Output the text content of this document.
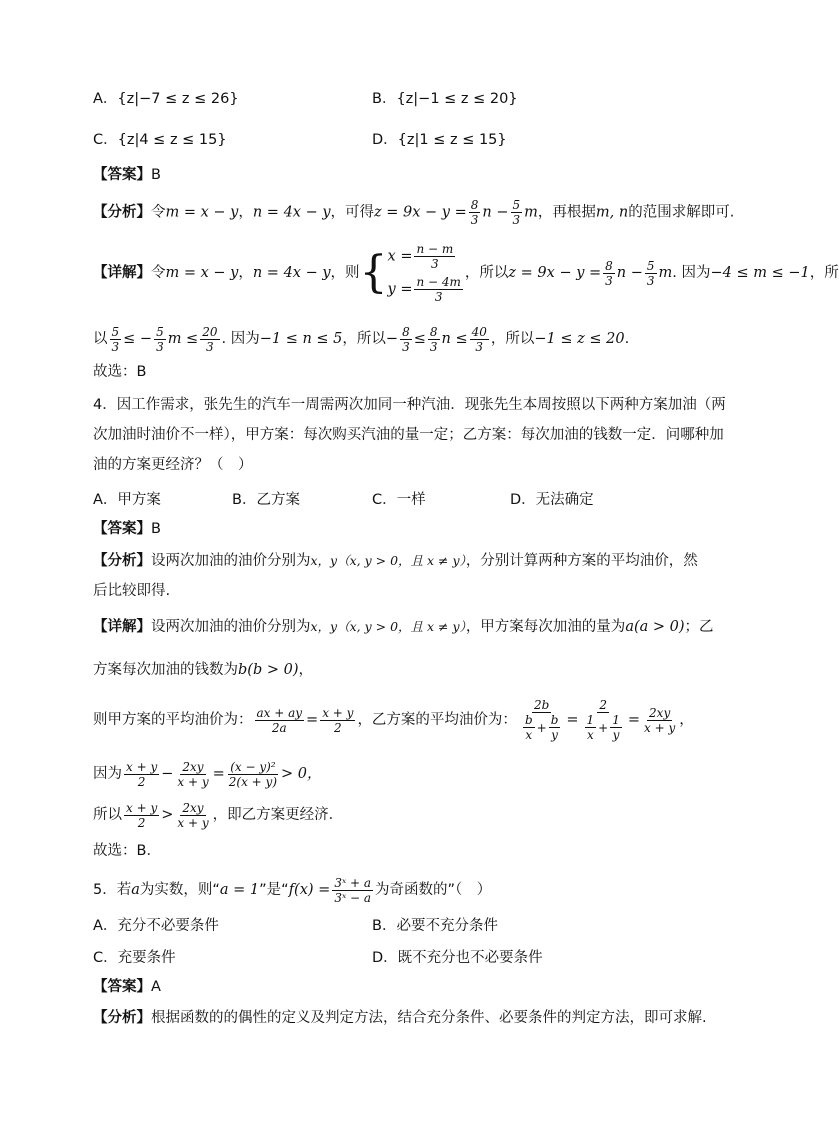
A．{z|−7 ≤ z ≤ 26}	B．{z|−1 ≤ z ≤ 20}
C．{z|4 ≤ z ≤ 15}	D．{z|1 ≤ z ≤ 15}
【答案】B
【分析】令m = x − y，n = 4x − y，可得$z = 9x - y = \frac{8}{3}$ $n - \frac{5}{3}$ m，再根据m, n的范围求解即可.
【详解】 令 m = x − y ， n = 4x − y ，则 { $x = \frac{n - m}{3}$
$y = \frac{n - 4m}{3}$
，所以 $z = 9x - y = \frac{8}{3}$ $n - \frac{5}{3}$ m . 因为 −4 ≤ m ≤ −1 ，所
以 $\frac{5}{3}$ ≤ − $\frac{5}{3}$ $m \le \frac{20}{3}$ . 因为 −1 ≤ n ≤ 5 ，所以− $\frac{8}{3} \le \frac{8}{3}$ $n \le \frac{40}{3}$ ，所以 −1 ≤ z ≤ 20 .
故选：B
4．因工作需求，张先生的汽车一周需两次加同一种汽油．现张先生本周按照以下两种方案加油（两
次加油时油价不一样），甲方案：每次购买汽油的量一定；乙方案：每次加油的钱数一定．问哪种加
油的方案更经济？（　）
A．甲方案	B．乙方案	C．一样	D．无法确定
【答案】B
【分析】设两次加油的油价分别为x，y（x, y > 0，且 x ≠ y），分别计算两种方案的平均油价，然
后比较即得.
【详解】设两次加油的油价分别为x，y（x, y > 0，且 x ≠ y），甲方案每次加油的量为a(a > 0)；乙
方案每次加油的钱数为b(b > 0)，
则甲方案的平均油价为： $\frac{ax + ay}{2a} = \frac{x + y}{2}$ ，乙方案的平均油价为： 2b
b
x
+
b
y = 2
1
x
+
1
$y = \frac{2xy}{x + y}$ ，
因为 x + y
$2 - \frac{2xy}{x + y} = \frac{\text{(x − y)²}}{2(x + y)} > 0$，
所以 x + y
2 > 2xy
x + y ，即乙方案更经济．
故选：B．
5．若 a 为实数，则“ a = 1 ”是“ $f(x) = \frac{\text{3ˣ + a}}{\text{3ˣ − a}}$ 为奇函数的”（　）
A．充分不必要条件	B．必要不充分条件
C．充要条件	D．既不充分也不必要条件
【答案】A
【分析】根据函数的的偶性的定义及判定方法，结合充分条件、必要条件的判定方法，即可求解.
